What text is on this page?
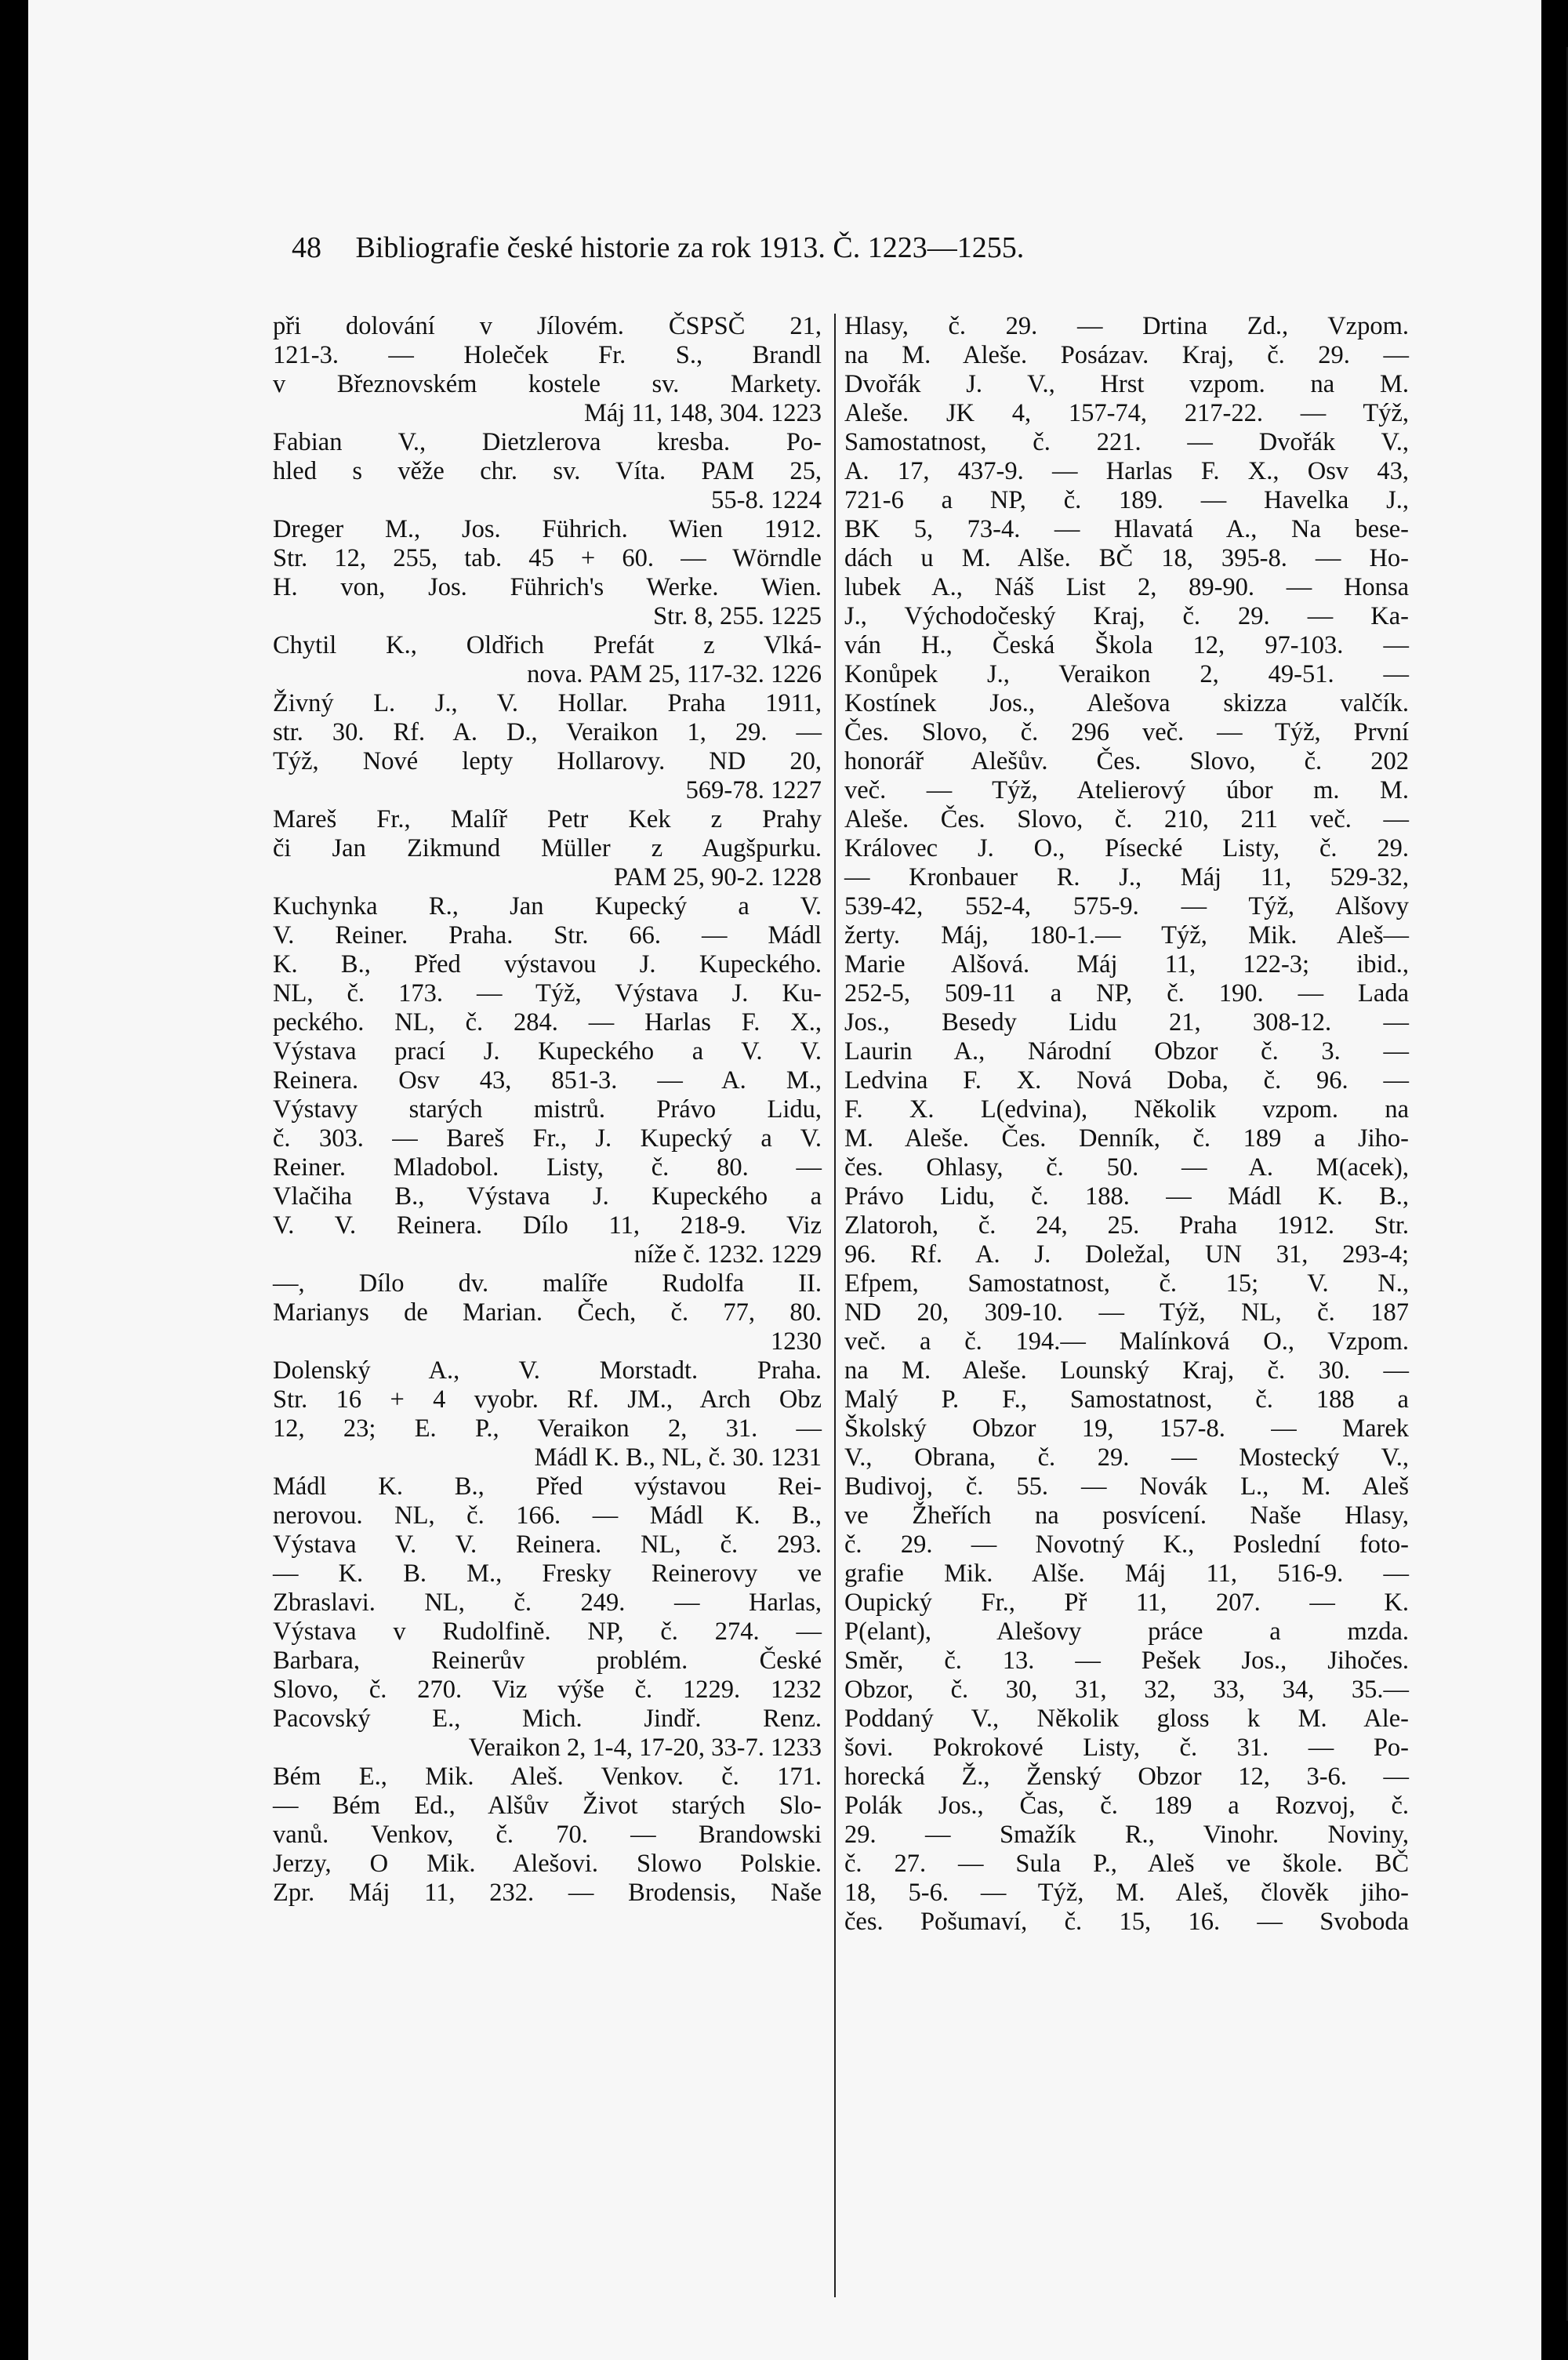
48 Bibliografie české historie za rok 1913. Č. 1223—1255.
při dolování v Jílovém. ČSPSČ 21,
121-3. — Holeček Fr. S., Brandl
v Březnovském kostele sv. Markety.
Máj 11, 148, 304. 1223
Fabian V., Dietzlerova kresba. Po-
hled s věže chr. sv. Víta. PAM 25,
55-8. 1224
Dreger M., Jos. Führich. Wien 1912.
Str. 12, 255, tab. 45 + 60. — Wörndle
H. von, Jos. Führich's Werke. Wien.
Str. 8, 255. 1225
Chytil K., Oldřich Prefát z Vlká-
nova. PAM 25, 117-32. 1226
Živný L. J., V. Hollar. Praha 1911,
str. 30. Rf. A. D., Veraikon 1, 29. —
Týž, Nové lepty Hollarovy. ND 20,
569-78. 1227
Mareš Fr., Malíř Petr Kek z Prahy
či Jan Zikmund Müller z Augšpurku.
PAM 25, 90-2. 1228
Kuchynka R., Jan Kupecký a V.
V. Reiner. Praha. Str. 66. — Mádl
K. B., Před výstavou J. Kupeckého.
NL, č. 173. — Týž, Výstava J. Ku-
peckého. NL, č. 284. — Harlas F. X.,
Výstava prací J. Kupeckého a V. V.
Reinera. Osv 43, 851-3. — A. M.,
Výstavy starých mistrů. Právo Lidu,
č. 303. — Bareš Fr., J. Kupecký a V.
Reiner. Mladobol. Listy, č. 80. —
Vlačiha B., Výstava J. Kupeckého a
V. V. Reinera. Dílo 11, 218-9. Viz
níže č. 1232. 1229
—, Dílo dv. malíře Rudolfa II.
Marianys de Marian. Čech, č. 77, 80.
1230
Dolenský A., V. Morstadt. Praha.
Str. 16 + 4 vyobr. Rf. JM., Arch Obz
12, 23; E. P., Veraikon 2, 31. —
Mádl K. B., NL, č. 30. 1231
Mádl K. B., Před výstavou Rei-
nerovou. NL, č. 166. — Mádl K. B.,
Výstava V. V. Reinera. NL, č. 293.
— K. B. M., Fresky Reinerovy ve
Zbraslavi. NL, č. 249. — Harlas,
Výstava v Rudolfině. NP, č. 274. —
Barbara, Reinerův problém. České
Slovo, č. 270. Viz výše č. 1229. 1232
Pacovský E., Mich. Jindř. Renz.
Veraikon 2, 1-4, 17-20, 33-7. 1233
Bém E., Mik. Aleš. Venkov. č. 171.
— Bém Ed., Alšův Život starých Slo-
vanů. Venkov, č. 70. — Brandowski
Jerzy, O Mik. Alešovi. Slowo Polskie.
Zpr. Máj 11, 232. — Brodensis, Naše
Hlasy, č. 29. — Drtina Zd., Vzpom.
na M. Aleše. Posázav. Kraj, č. 29. —
Dvořák J. V., Hrst vzpom. na M.
Aleše. JK 4, 157-74, 217-22. — Týž,
Samostatnost, č. 221. — Dvořák V.,
A. 17, 437-9. — Harlas F. X., Osv 43,
721-6 a NP, č. 189. — Havelka J.,
BK 5, 73-4. — Hlavatá A., Na bese-
dách u M. Alše. BČ 18, 395-8. — Ho-
lubek A., Náš List 2, 89-90. — Honsa
J., Východočeský Kraj, č. 29. — Ka-
ván H., Česká Škola 12, 97-103. —
Konůpek J., Veraikon 2, 49-51. —
Kostínek Jos., Alešova skizza valčík.
Čes. Slovo, č. 296 več. — Týž, První
honorář Alešův. Čes. Slovo, č. 202
več. — Týž, Atelierový úbor m. M.
Aleše. Čes. Slovo, č. 210, 211 več. —
Královec J. O., Písecké Listy, č. 29.
— Kronbauer R. J., Máj 11, 529-32,
539-42, 552-4, 575-9. — Týž, Alšovy
žerty. Máj, 180-1.— Týž, Mik. Aleš—
Marie Alšová. Máj 11, 122-3; ibid.,
252-5, 509-11 a NP, č. 190. — Lada
Jos., Besedy Lidu 21, 308-12. —
Laurin A., Národní Obzor č. 3. —
Ledvina F. X. Nová Doba, č. 96. —
F. X. L(edvina), Několik vzpom. na
M. Aleše. Čes. Denník, č. 189 a Jiho-
čes. Ohlasy, č. 50. — A. M(acek),
Právo Lidu, č. 188. — Mádl K. B.,
Zlatoroh, č. 24, 25. Praha 1912. Str.
96. Rf. A. J. Doležal, UN 31, 293-4;
Efpem, Samostatnost, č. 15; V. N.,
ND 20, 309-10. — Týž, NL, č. 187
več. a č. 194.— Malínková O., Vzpom.
na M. Aleše. Lounský Kraj, č. 30. —
Malý P. F., Samostatnost, č. 188 a
Školský Obzor 19, 157-8. — Marek
V., Obrana, č. 29. — Mostecký V.,
Budivoj, č. 55. — Novák L., M. Aleš
ve Žheřích na posvícení. Naše Hlasy,
č. 29. — Novotný K., Poslední foto-
grafie Mik. Alše. Máj 11, 516-9. —
Oupický Fr., Př 11, 207. — K.
P(elant), Alešovy práce a mzda.
Směr, č. 13. — Pešek Jos., Jihočes.
Obzor, č. 30, 31, 32, 33, 34, 35.—
Poddaný V., Několik gloss k M. Ale-
šovi. Pokrokové Listy, č. 31. — Po-
horecká Ž., Ženský Obzor 12, 3-6. —
Polák Jos., Čas, č. 189 a Rozvoj, č.
29. — Smažík R., Vinohr. Noviny,
č. 27. — Sula P., Aleš ve škole. BČ
18, 5-6. — Týž, M. Aleš, člověk jiho-
čes. Pošumaví, č. 15, 16. — Svoboda
